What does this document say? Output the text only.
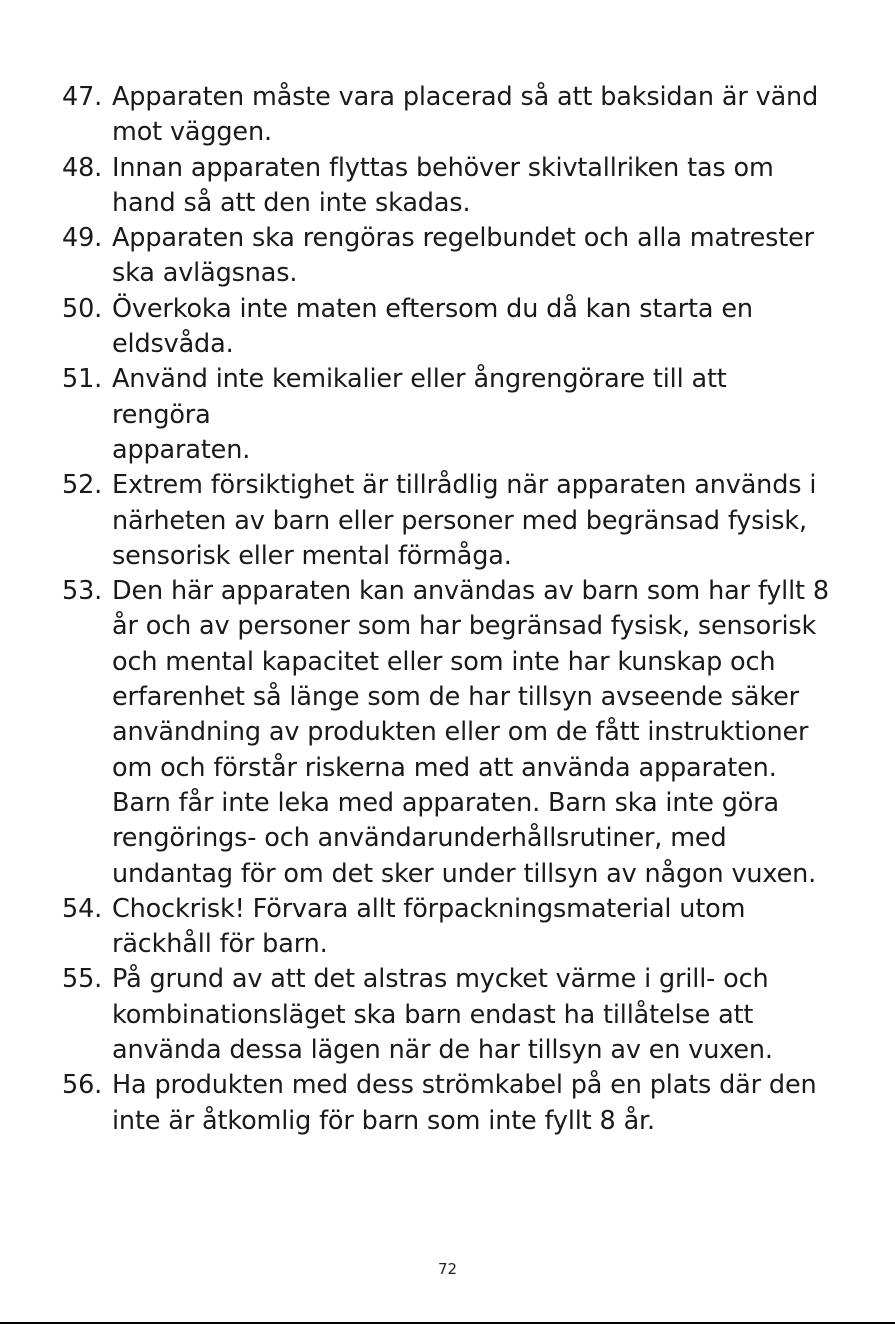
47. Apparaten måste vara placerad så att baksidan är vänd
mot väggen.
48. Innan apparaten flyttas behöver skivtallriken tas om
hand så att den inte skadas.
49. Apparaten ska rengöras regelbundet och alla matrester
ska avlägsnas.
50. Överkoka inte maten eftersom du då kan starta en
eldsvåda.
51. Använd inte kemikalier eller ångrengörare till att rengöra
apparaten.
52. Extrem försiktighet är tillrådlig när apparaten används i
närheten av barn eller personer med begränsad fysisk,
sensorisk eller mental förmåga.
53. Den här apparaten kan användas av barn som har fyllt 8
år och av personer som har begränsad fysisk, sensorisk
och mental kapacitet eller som inte har kunskap och
erfarenhet så länge som de har tillsyn avseende säker
användning av produkten eller om de fått instruktioner
om och förstår riskerna med att använda apparaten.
Barn får inte leka med apparaten. Barn ska inte göra
rengörings- och användarunderhållsrutiner, med
undantag för om det sker under tillsyn av någon vuxen.
54. Chockrisk! Förvara allt förpackningsmaterial utom
räckhåll för barn.
55. På grund av att det alstras mycket värme i grill- och
kombinationsläget ska barn endast ha tillåtelse att
använda dessa lägen när de har tillsyn av en vuxen.
56. Ha produkten med dess strömkabel på en plats där den
inte är åtkomlig för barn som inte fyllt 8 år.
72
